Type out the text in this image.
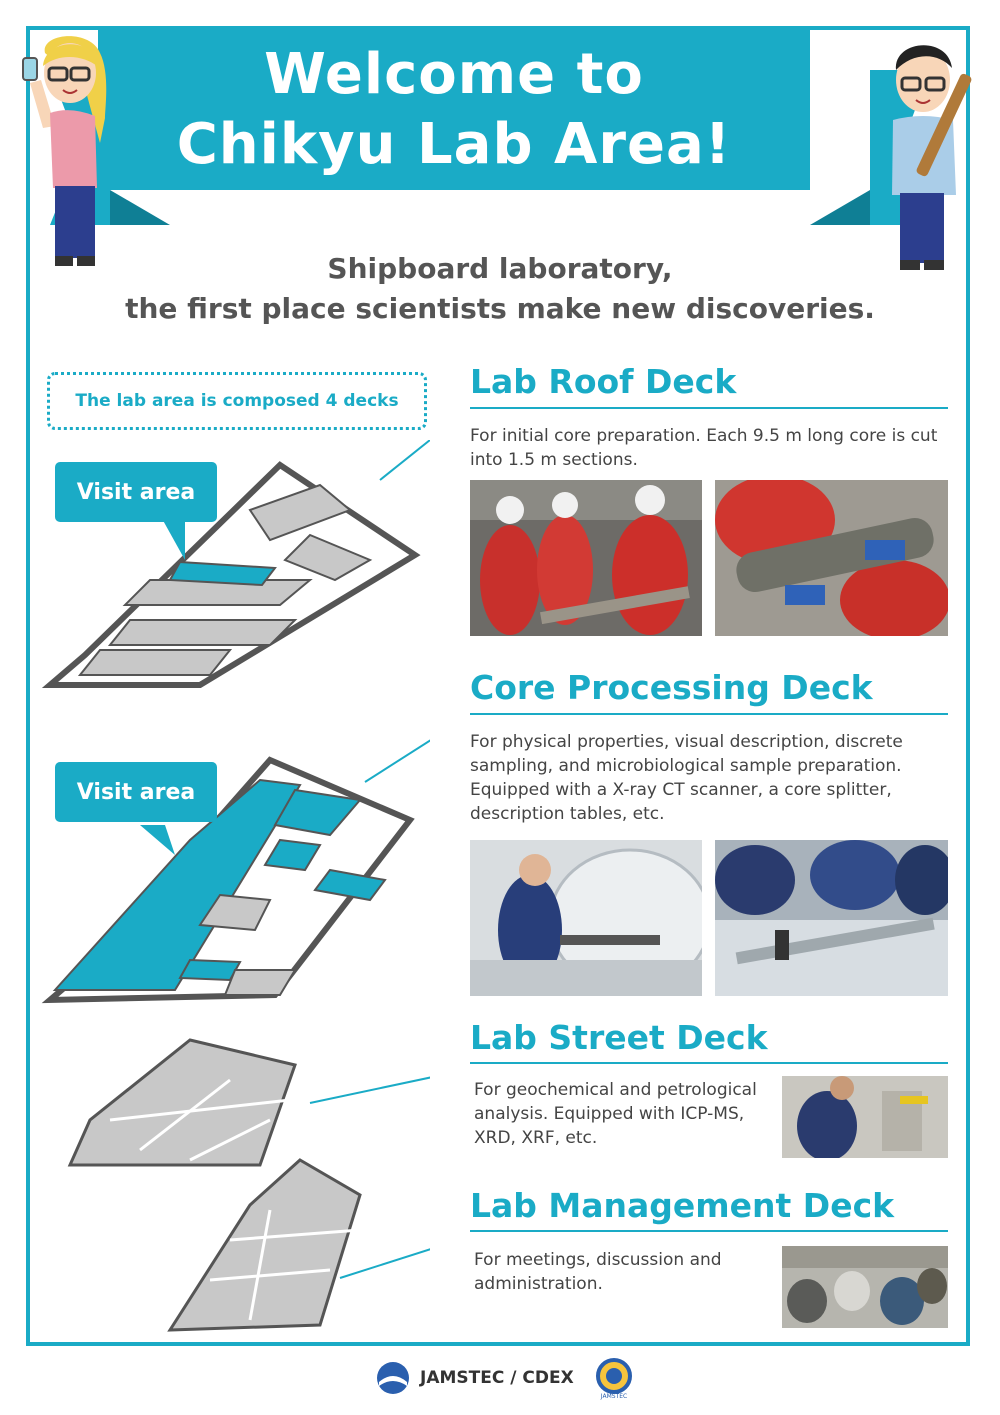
Welcome to
Chikyu Lab Area!
Shipboard laboratory,
the first place scientists make new discoveries.
The lab area is composed 4 decks
Visit area
Visit area
Lab Roof Deck
For initial core preparation. Each 9.5 m long core is cut into 1.5 m sections.
Core Processing Deck
For physical properties, visual description, discrete sampling, and microbiological sample preparation. Equipped with a X-ray CT scanner, a core splitter, description tables, etc.
Lab Street Deck
For geochemical and petrological analysis. Equipped with ICP-MS, XRD, XRF, etc.
Lab Management Deck
For meetings, discussion and administration.
JAMSTEC / CDEX
JAMSTEC
